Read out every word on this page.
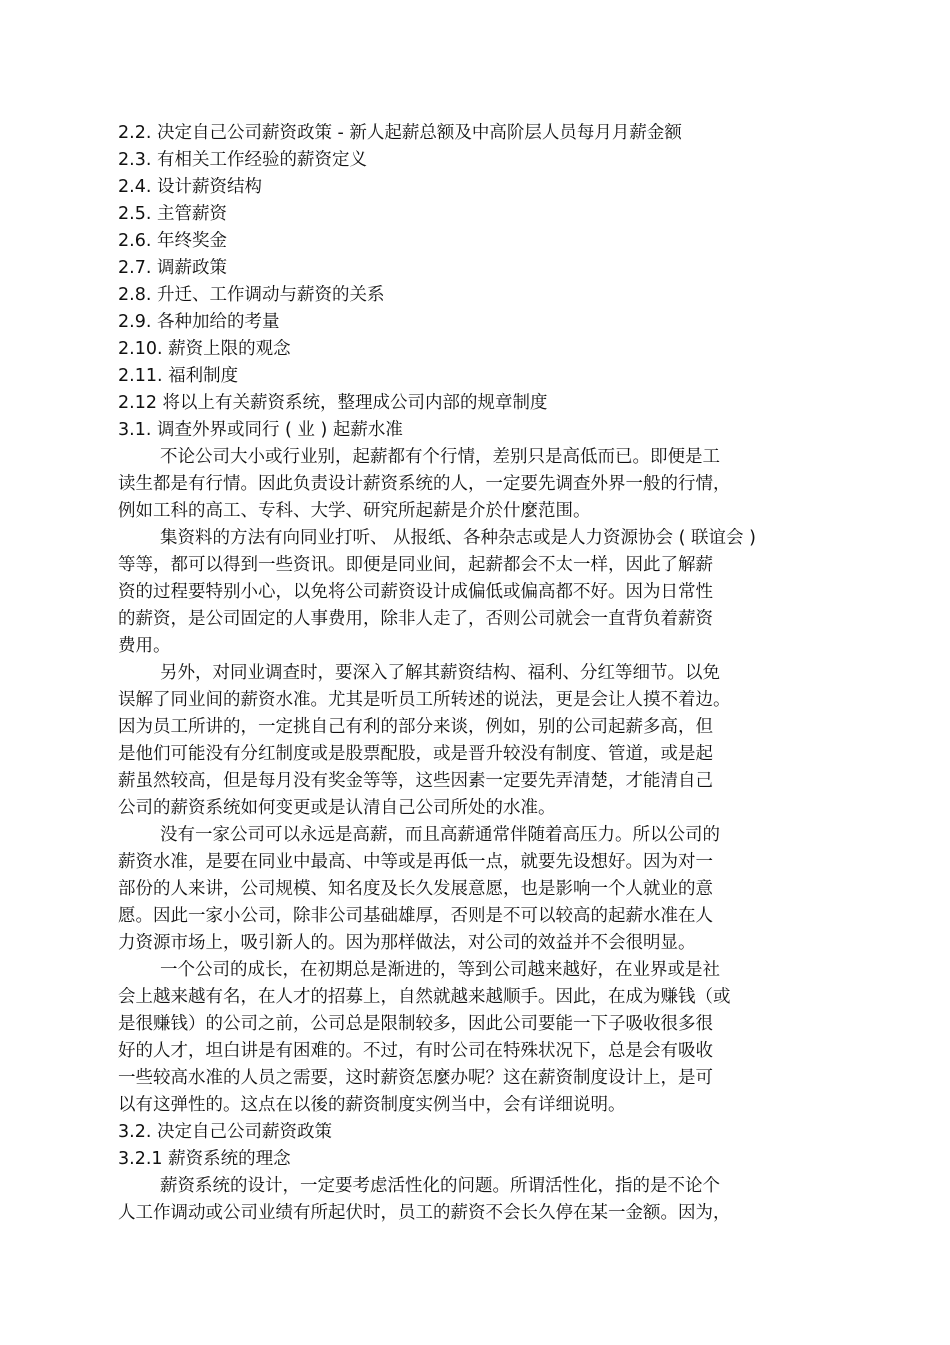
2.2. 决定自己公司薪资政策 - 新人起薪总额及中高阶层人员每月月薪金额
2.3. 有相关工作经验的薪资定义
2.4. 设计薪资结构
2.5. 主管薪资
2.6. 年终奖金
2.7. 调薪政策
2.8. 升迁、工作调动与薪资的关系
2.9. 各种加给的考量
2.10. 薪资上限的观念
2.11. 福利制度
2.12 将以上有关薪资系统，整理成公司内部的规章制度
3.1. 调查外界或同行 ( 业 ) 起薪水准
不论公司大小或行业别，起薪都有个行情，差别只是高低而已。即便是工
读生都是有行情。因此负责设计薪资系统的人，一定要先调查外界一般的行情，
例如工科的高工、专科、大学、研究所起薪是介於什麼范围。
集资料的方法有向同业打听、 从报纸、各种杂志或是人力资源协会 ( 联谊会 )
等等，都可以得到一些资讯。即便是同业间，起薪都会不太一样，因此了解薪
资的过程要特别小心，以免将公司薪资设计成偏低或偏高都不好。因为日常性
的薪资，是公司固定的人事费用，除非人走了，否则公司就会一直背负着薪资
费用。
另外，对同业调查时，要深入了解其薪资结构、福利、分红等细节。以免
误解了同业间的薪资水准。尤其是听员工所转述的说法，更是会让人摸不着边。
因为员工所讲的，一定挑自己有利的部分来谈，例如，别的公司起薪多高，但
是他们可能没有分红制度或是股票配股，或是晋升较没有制度、管道，或是起
薪虽然较高，但是每月没有奖金等等，这些因素一定要先弄清楚，才能清自己
公司的薪资系统如何变更或是认清自己公司所处的水准。
没有一家公司可以永远是高薪，而且高薪通常伴随着高压力。所以公司的
薪资水准，是要在同业中最高、中等或是再低一点，就要先设想好。因为对一
部份的人来讲，公司规模、知名度及长久发展意愿，也是影响一个人就业的意
愿。因此一家小公司，除非公司基础雄厚，否则是不可以较高的起薪水准在人
力资源市场上，吸引新人的。因为那样做法，对公司的效益并不会很明显。
一个公司的成长，在初期总是渐进的，等到公司越来越好，在业界或是社
会上越来越有名，在人才的招募上，自然就越来越顺手。因此，在成为赚钱（或
是很赚钱）的公司之前，公司总是限制较多，因此公司要能一下子吸收很多很
好的人才，坦白讲是有困难的。不过，有时公司在特殊状况下，总是会有吸收
一些较高水准的人员之需要，这时薪资怎麼办呢？这在薪资制度设计上，是可
以有这弹性的。这点在以後的薪资制度实例当中，会有详细说明。
3.2. 决定自己公司薪资政策
3.2.1 薪资系统的理念
薪资系统的设计，一定要考虑活性化的问题。所谓活性化，指的是不论个
人工作调动或公司业绩有所起伏时，员工的薪资不会长久停在某一金额。因为，
